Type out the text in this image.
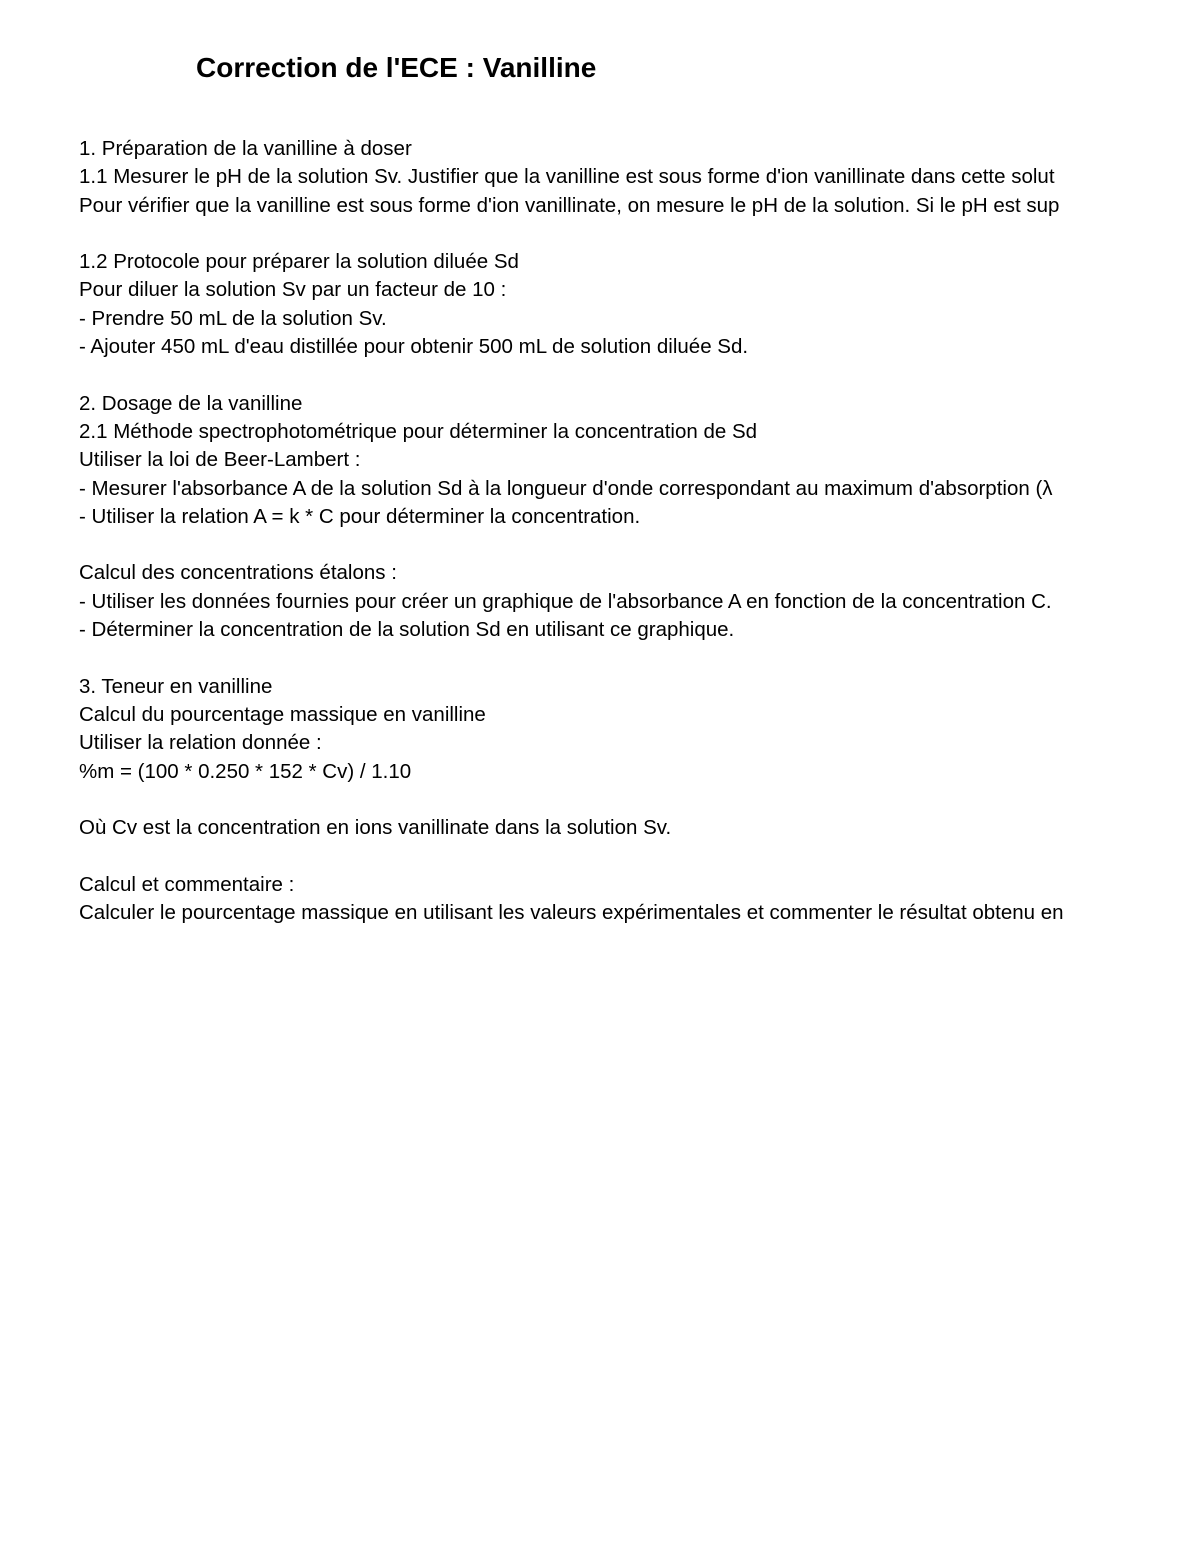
Correction de l'ECE : Vanilline
1. Préparation de la vanilline à doser
1.1 Mesurer le pH de la solution Sv. Justifier que la vanilline est sous forme d'ion vanillinate dans cette solut
Pour vérifier que la vanilline est sous forme d'ion vanillinate, on mesure le pH de la solution. Si le pH est sup
1.2 Protocole pour préparer la solution diluée Sd
Pour diluer la solution Sv par un facteur de 10 :
- Prendre 50 mL de la solution Sv.
- Ajouter 450 mL d'eau distillée pour obtenir 500 mL de solution diluée Sd.
2. Dosage de la vanilline
2.1 Méthode spectrophotométrique pour déterminer la concentration de Sd
Utiliser la loi de Beer-Lambert :
- Mesurer l'absorbance A de la solution Sd à la longueur d'onde correspondant au maximum d'absorption (λ
- Utiliser la relation A = k * C pour déterminer la concentration.
Calcul des concentrations étalons :
- Utiliser les données fournies pour créer un graphique de l'absorbance A en fonction de la concentration C.
- Déterminer la concentration de la solution Sd en utilisant ce graphique.
3. Teneur en vanilline
Calcul du pourcentage massique en vanilline
Utiliser la relation donnée :
%m = (100 * 0.250 * 152 * Cv) / 1.10
Où Cv est la concentration en ions vanillinate dans la solution Sv.
Calcul et commentaire :
Calculer le pourcentage massique en utilisant les valeurs expérimentales et commenter le résultat obtenu en
